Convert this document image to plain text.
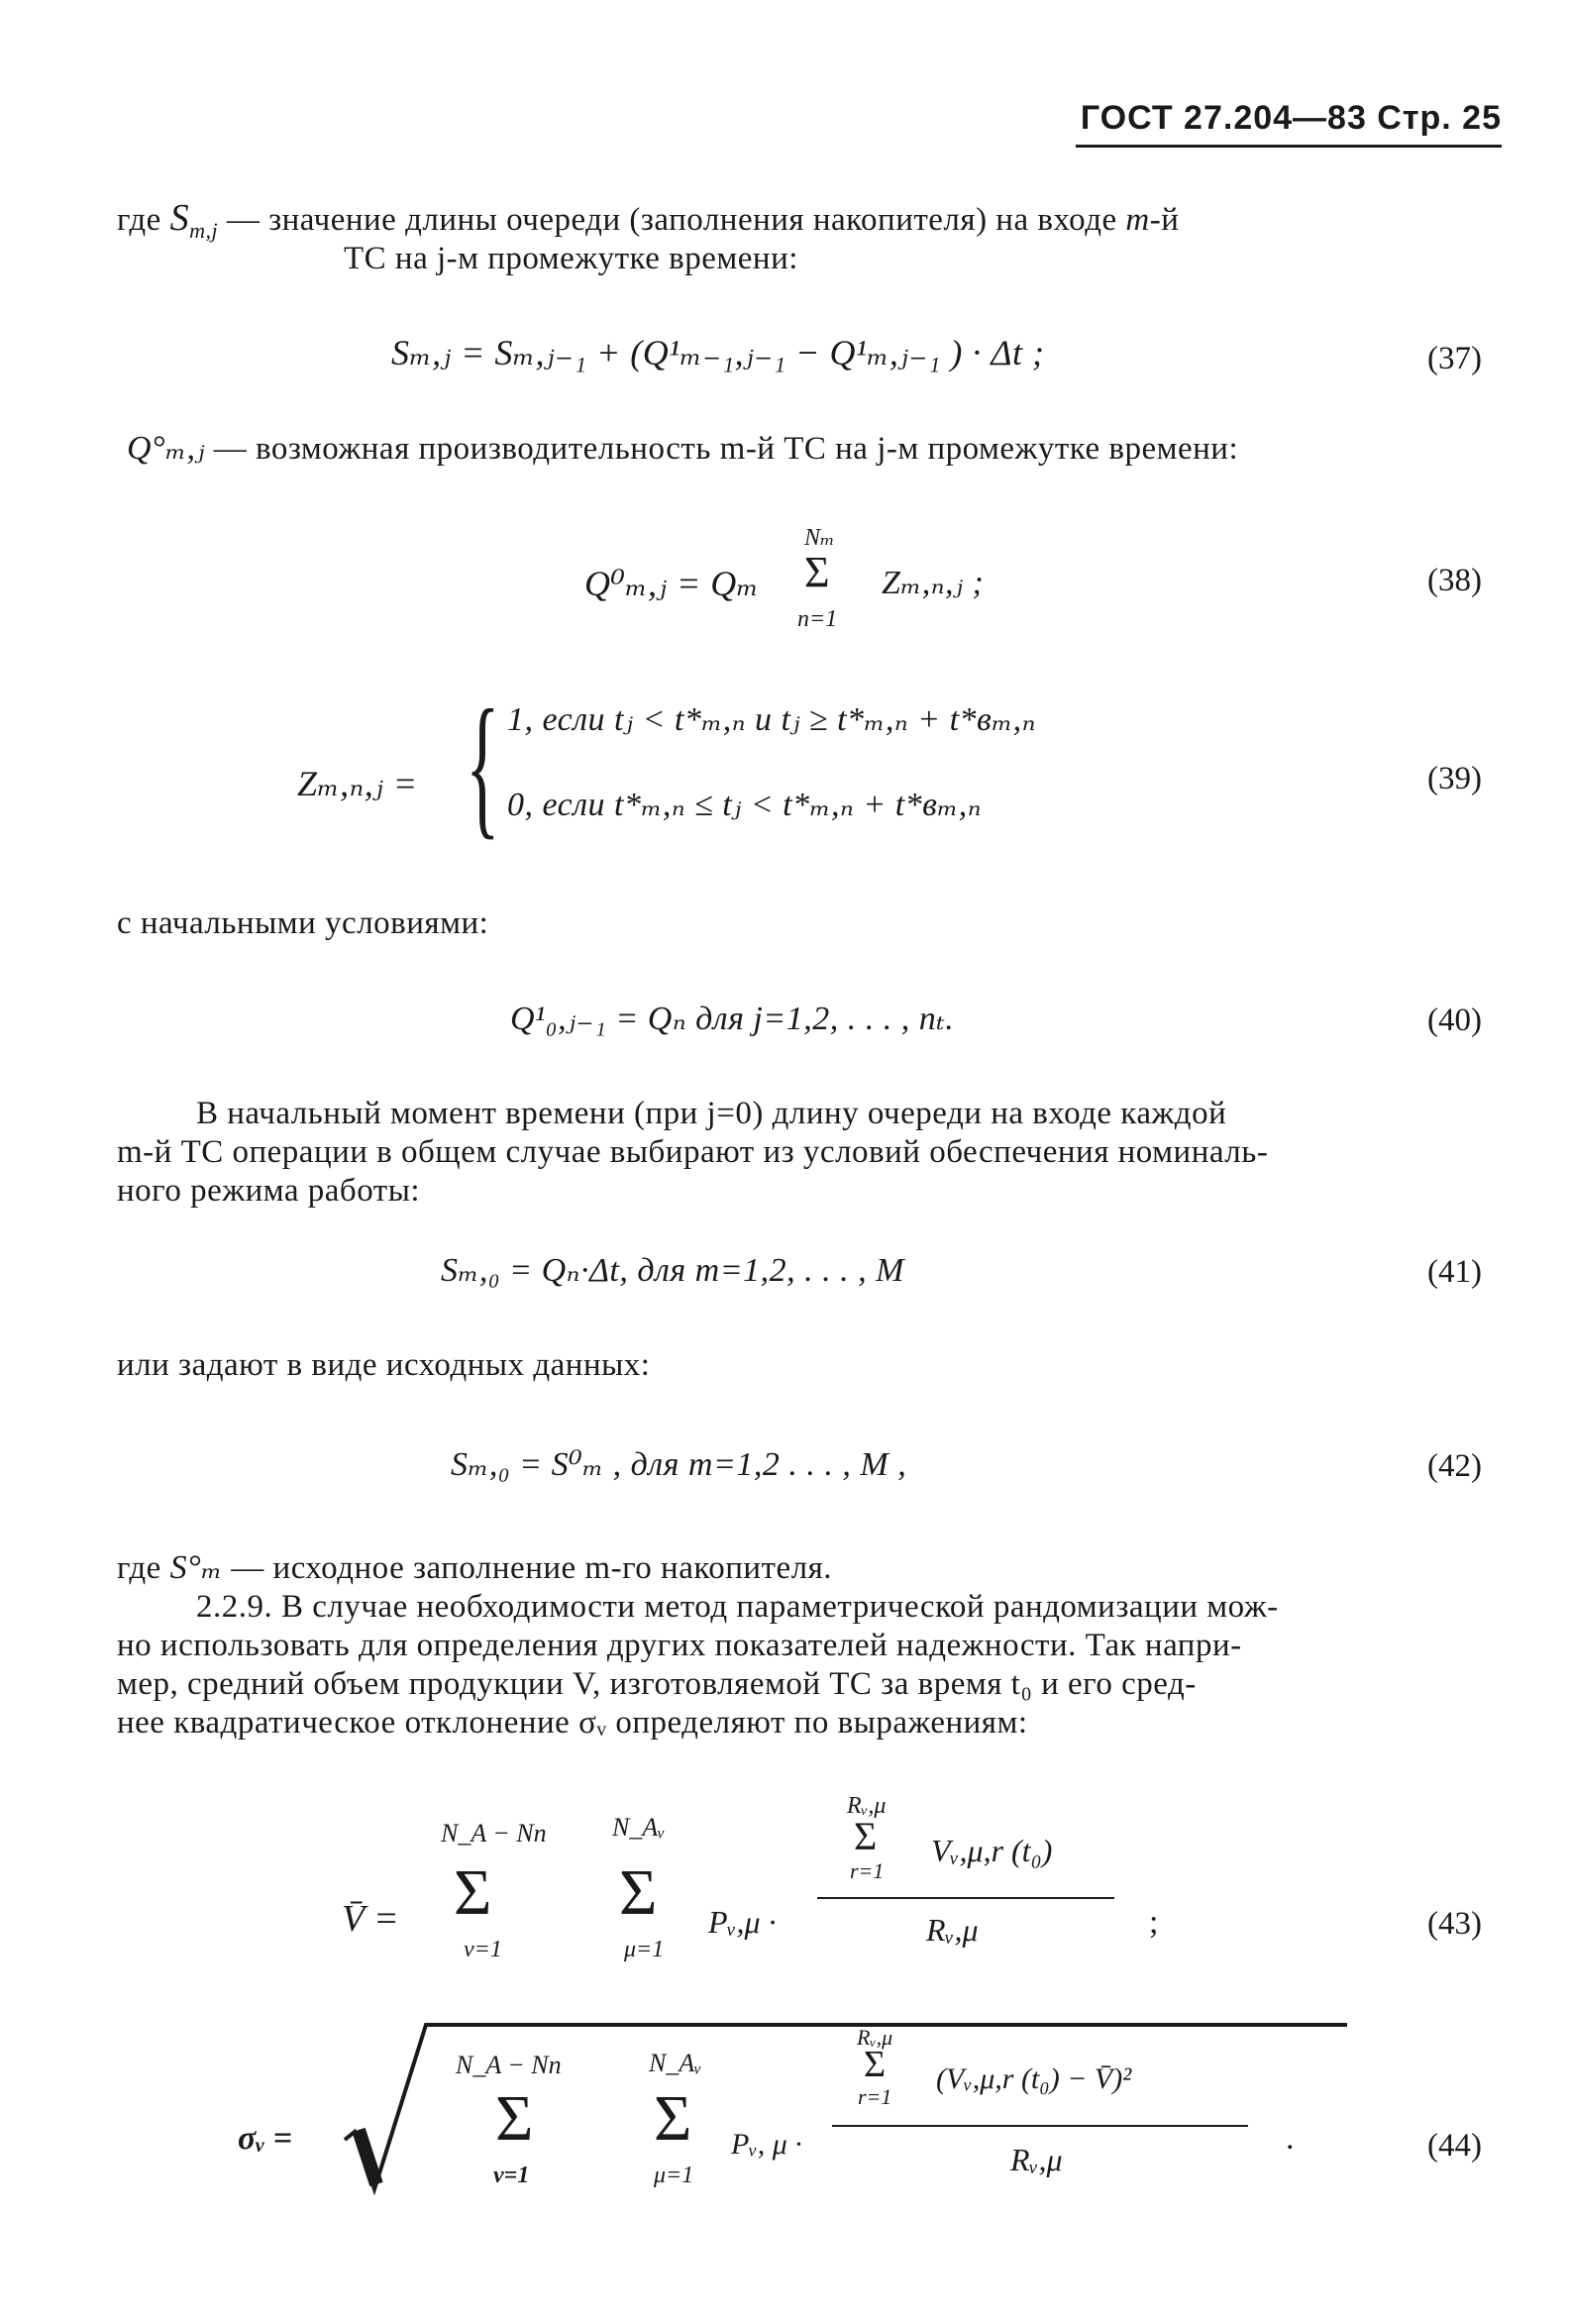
ГОСТ 27.204—83 Стр. 25
где $S_{m,j}$ — значение длины очереди (заполнения накопителя) на входе m-й
ТС на j-м промежутке времени:
Sₘ,ⱼ = Sₘ,ⱼ₋₁ + (Q¹ₘ₋₁,ⱼ₋₁ − Q¹ₘ,ⱼ₋₁ ) · Δt ;	(37)
Q°ₘ,ⱼ — возможная производительность m-й ТС на j-м промежутке времени:
Q⁰ₘ,ⱼ = Qₘ
Nₘ
Σ
n=1
Zₘ,ₙ,ⱼ ;	(38)
Zₘ,ₙ,ⱼ = { 1, если tⱼ < t*ₘ,ₙ и tⱼ ≥ t*ₘ,ₙ + t*вₘ,ₙ
0, если t*ₘ,ₙ ≤ tⱼ < t*ₘ,ₙ + t*вₘ,ₙ
(39)
с начальными условиями:
Q¹₀,ⱼ₋₁ = Qₙ для j=1,2, . . . , nₜ.	(40)
В начальный момент времени (при j=0) длину очереди на входе каждой
m-й ТС операции в общем случае выбирают из условий обеспечения номиналь-
ного режима работы:
Sₘ,₀ = Qₙ·Δt, для m=1,2, . . . , M	(41)
или задают в виде исходных данных:
Sₘ,₀ = S⁰ₘ , для m=1,2 . . . , M ,	(42)
где S°ₘ — исходное заполнение m-го накопителя.
2.2.9. В случае необходимости метод параметрической рандомизации мож-
но использовать для определения других показателей надежности. Так напри-
мер, средний объем продукции V, изготовляемой ТС за время t₀ и его сред-
нее квадратическое отклонение σᵥ определяют по выражениям:
V̄ =
N_A − Nп
Σ
ν=1
N_Aᵥ
Σ
μ=1
Pᵥ,μ ·
Rᵥ,μ
Σ
r=1
Vᵥ,μ,r (t₀)
Rᵥ,μ	;	(43)
σᵥ =
N_A − Nп
Σ
ν=1
N_Aᵥ
Σ
μ=1
Pᵥ, μ ·
Rᵥ,μ
Σ
r=1
(Vᵥ,μ,r (t₀) − V̄)²
Rᵥ,μ
.	(44)
